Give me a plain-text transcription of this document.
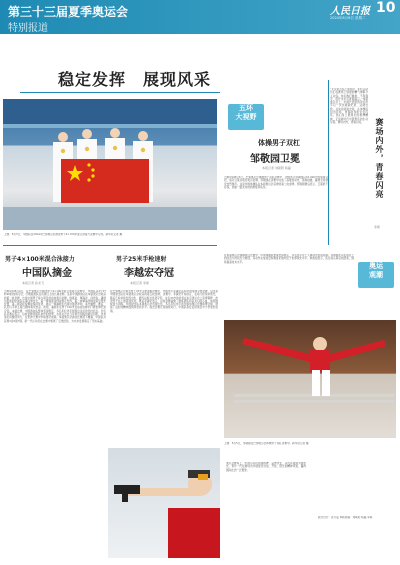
第三十三届夏季奥运会
特别报道
人民日报 10
2024年8月6日 星期二
稳定发挥　展现风采
上图：8月5日，中国队在2024年巴黎奥运会游泳男子4×100米混合泳接力决赛中夺冠。新华社记者 摄
男子4×100米混合泳接力
中国队摘金
本报记者 孙龙飞
当地时间8月4日，在巴黎奥运会游泳男子4×100米混合泳接力决赛中，中国队以3分27秒46的成绩夺冠，打破美国队在该项目上的长期垄断。这是中国游泳队在本届奥运会收获的第二枚金牌，也是中国男子接力项目的首枚奥运金牌。徐嘉余、覃海洋、孙佳俊、潘展乐组成的中国队从第四道出发，第一棒徐嘉余仰泳稳定发挥，第二棒覃海洋蛙泳追至领先位置，第三棒孙佳俊蝶泳保持优势，最后一棒潘展乐自由泳强势冲刺，率先触壁。赛后，队员们手举五星红旗向观众致意。此前，潘展乐在男子100米自由泳决赛中打破世界纪录夺冠。本届比赛，中国游泳队整体表现稳定，多名年轻选手展现出良好的竞技状态。四名队员赛后表示，这枚金牌是团队协作的结果，也是对过去几年艰苦训练的最好回报。未来他们将继续努力，在世界大赛中争取更好成绩。本届奥运会游泳比赛落下帷幕，中国队共获得2金3银7铜。新一代运动员在比赛中积累了宝贵经验，为未来发展奠定了坚实基础。
男子25米手枪速射
李越宏夺冠
本报记者 李硕
在巴黎奥运会射击男子25米手枪速射决赛中，中国选手李越宏以32环的成绩夺得金牌，这也是中国射击队在本届奥运会收获的第五枚金牌。决赛中，李越宏开局稳定，在前几轮保持领先，随后几轮持续发挥出色，最终以绝对优势夺冠。这名35岁的老将在东京奥运会上获得铜牌，此次终于站上最高领奖台。赛后李越宏表示，这枚金牌凝聚了教练团队和队友们的心血，他将继续努力训练。中国射击队本届奥运会表现出色，多名年轻选手首次参加奥运会便取得佳绩，展现了良好的精神面貌和竞技水平。射击比赛还将继续进行，中国队将在后续项目中力争更好成绩。
五环
大视野
体操男子双杠
邹敬园卫冕
本报记者 刘硕阳 杨磊
当地时间8月5日，巴黎奥运会体操男子双杠决赛中，中国选手邹敬园以16.200分的成绩夺冠，成功卫冕该项目奥运金牌。邹敬园在决赛中完成了高难度动作，落地稳健，赢得全场观众热烈掌声。这是中国体操队在本届奥运会获得的第二枚金牌。邹敬园赛后表示，卫冕很不容易，感谢一路支持他的教练和队友。
“无论是否站上领奖台，年轻运动员们在赛场上展现的精气神都令人动容。他们敢打敢拼、不畏强手，用汗水书写青春篇章。”本届奥运会上，中国代表团的年轻选手们一次次刷新纪录、突破自我。从泳池到射击场，从体操馆到田径场，青春的身影处处闪亮。他们身上展现出的拼搏精神，正是新时代中国青年的生动写照。赛场内外，青春闪亮。	赛场内外，青春闪亮
李硕
奥运
观潮
在本届奥运会体操项目比赛中，中国体操队整体发挥稳定，多名选手在个人单项中表现亮眼。邹敬园在双杠项目上的统治力得到充分展现，其动作完成质量和难度系数均处于世界领先水平。教练组表示，队伍将认真总结经验，继续提高技术水平。
上图：8月5日，邹敬园在巴黎奥运会体操男子双杠决赛中。新华社记者 摄
奥运会赛场上，中国运动员顽强拼搏、奋勇争先，以优异成绩为国争光。青年一代在赛场内外展现出自信、开放、阳光的精神风貌，赢得国际社会广泛赞誉。
版式设计：张芳曼 本版责编：刘硕阳 杨磊 李硕
